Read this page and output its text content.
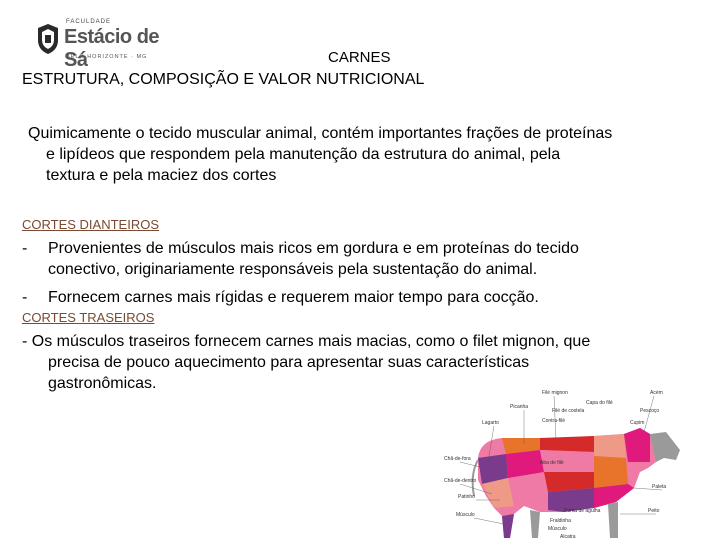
FACULDADE
Estácio de Sá
BELO HORIZONTE · MG	CARNES
ESTRUTURA, COMPOSIÇÃO E VALOR NUTRICIONAL
Quimicamente o tecido muscular animal, contém importantes frações de proteínas
e lipídeos que respondem pela manutenção da estrutura do animal, pela
textura e pela maciez dos cortes
CORTES DIANTEIROS
- Provenientes de músculos mais ricos em gordura e em proteínas do tecido
conectivo, originariamente responsáveis pela sustentação do animal.
- Fornecem carnes mais rígidas e requerem maior tempo para cocção.
CORTES TRASEIROS
- Os músculos traseiros fornecem carnes mais macias, como o filet mignon, que
precisa de pouco aquecimento para apresentar suas características
gastronômicas.
Acém
Filé mignon
Capa do filé
Picanha
Filé de costela	Pescoço
Lagarto	Contra-filé	Cupim
Chã-de-fora
Aba de filé
Chã-de-dentro
Paleta
Patinho
Peito
Músculo
Ponta de agulha
Fraldinha
Músculo
Alcatra
